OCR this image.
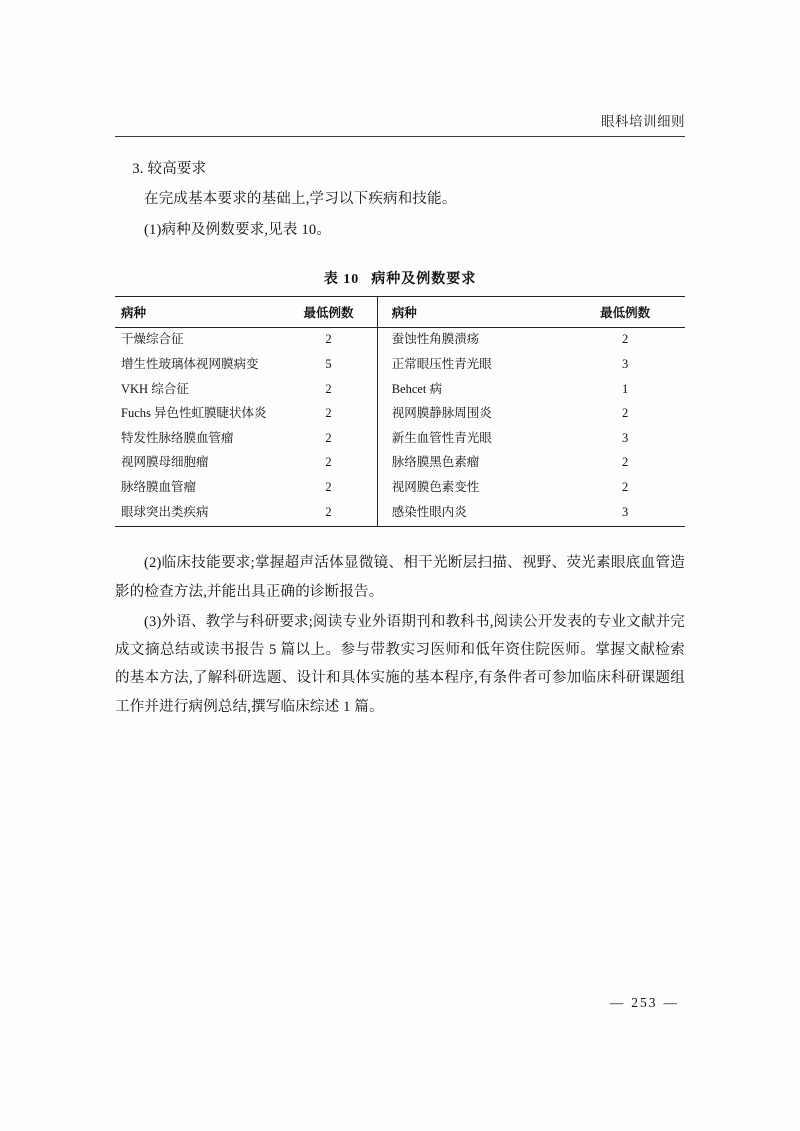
眼科培训细则

3. 较高要求

在完成基本要求的基础上,学习以下疾病和技能。

(1)病种及例数要求,见表 10。

表 10 病种及例数要求
病种	最低例数	病种	最低例数
干燥综合征	2	蚕蚀性角膜溃疡	2
增生性玻璃体视网膜病变	5	正常眼压性青光眼	3
VKH 综合征	2	Behcet 病	1
Fuchs 异色性虹膜睫状体炎	2	视网膜静脉周围炎	2
特发性脉络膜血管瘤	2	新生血管性青光眼	3
视网膜母细胞瘤	2	脉络膜黑色素瘤	2
脉络膜血管瘤	2	视网膜色素变性	2
眼球突出类疾病	2	感染性眼内炎	3

(2)临床技能要求;掌握超声活体显微镜、相干光断层扫描、视野、荧光素眼底血管造影的检查方法,并能出具正确的诊断报告。

(3)外语、教学与科研要求;阅读专业外语期刊和教科书,阅读公开发表的专业文献并完成文摘总结或读书报告 5 篇以上。参与带教实习医师和低年资住院医师。掌握文献检索的基本方法,了解科研选题、设计和具体实施的基本程序,有条件者可参加临床科研课题组工作并进行病例总结,撰写临床综述 1 篇。

— 253 —
